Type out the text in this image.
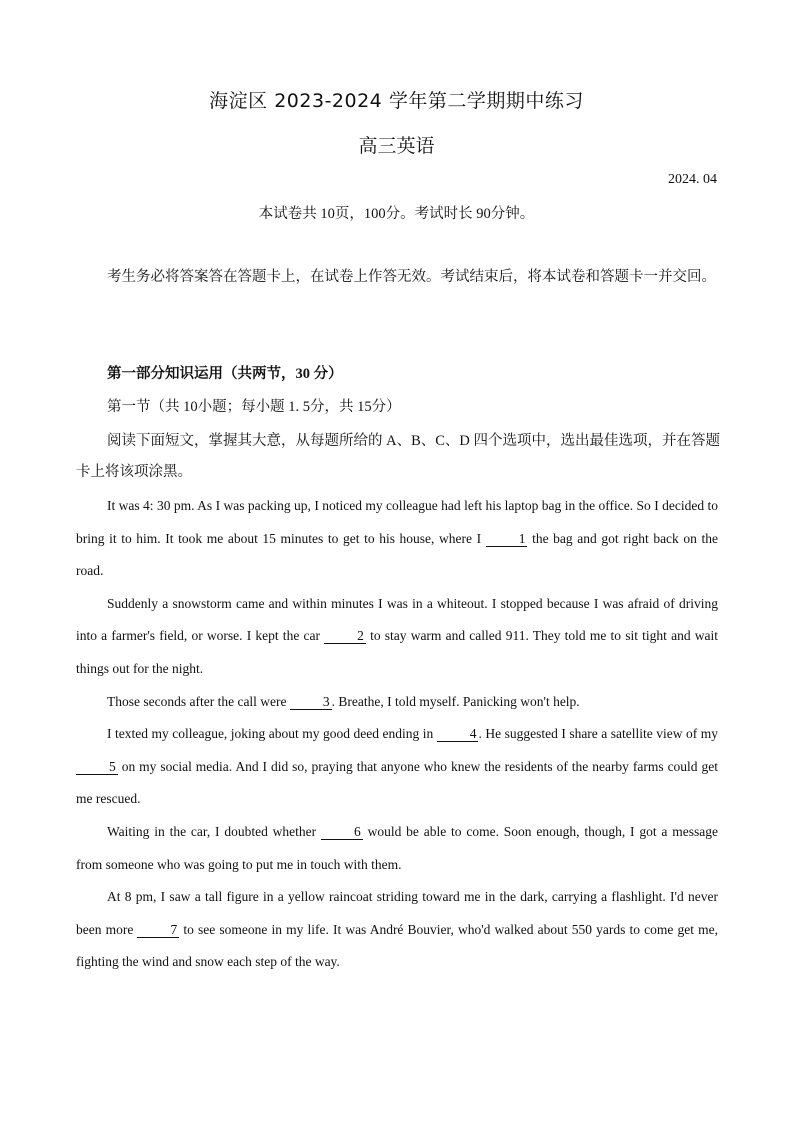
海淀区 2023-2024 学年第二学期期中练习
高三英语
2024. 04
本试卷共 10页，100分。考试时长 90分钟。
考生务必将答案答在答题卡上，在试卷上作答无效。考试结束后，将本试卷和答题卡一并交回。
第一部分知识运用（共两节，30 分）
第一节（共 10小题；每小题 1. 5分，共 15分）
阅读下面短文，掌握其大意，从每题所给的 A、B、C、D 四个选项中，选出最佳选项，并在答题卡上将该项涂黑。

It was 4: 30 pm. As I was packing up, I noticed my colleague had left his laptop bag in the office. So I decided to bring it to him. It took me about 15 minutes to get to his house, where I 1 the bag and got right back on the road.

Suddenly a snowstorm came and within minutes I was in a whiteout. I stopped because I was afraid of driving into a farmer's field, or worse. I kept the car 2 to stay warm and called 911. They told me to sit tight and wait things out for the night.

Those seconds after the call were 3 . Breathe, I told myself. Panicking won't help.

I texted my colleague, joking about my good deed ending in 4 . He suggested I share a satellite view of my 5 on my social media. And I did so, praying that anyone who knew the residents of the nearby farms could get me rescued.

Waiting in the car, I doubted whether 6 would be able to come. Soon enough, though, I got a message from someone who was going to put me in touch with them.

At 8 pm, I saw a tall figure in a yellow raincoat striding toward me in the dark, carrying a flashlight. I'd never been more 7 to see someone in my life. It was André Bouvier, who'd walked about 550 yards to come get me, fighting the wind and snow each step of the way.
